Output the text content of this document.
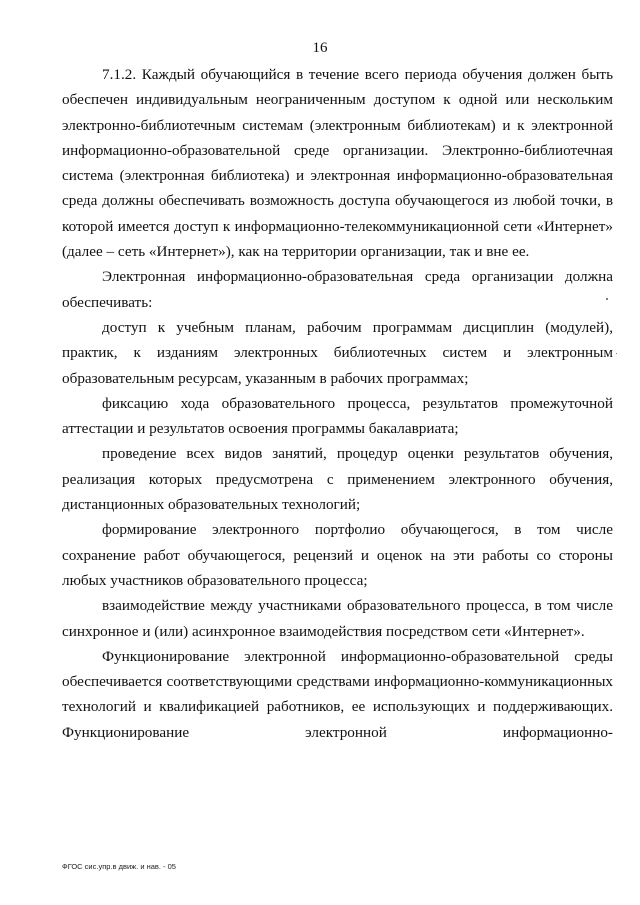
16

7.1.2. Каждый обучающийся в течение всего периода обучения должен быть обеспечен индивидуальным неограниченным доступом к одной или нескольким электронно-библиотечным системам (электронным библиотекам) и к электронной информационно-образовательной среде организации. Электронно-библиотечная система (электронная библиотека) и электронная информационно-образовательная среда должны обеспечивать возможность доступа обучающегося из любой точки, в которой имеется доступ к информационно-телекоммуникационной сети «Интернет» (далее – сеть «Интернет»), как на территории организации, так и вне ее.

Электронная информационно-образовательная среда организации должна обеспечивать:

доступ к учебным планам, рабочим программам дисциплин (модулей), практик, к изданиям электронных библиотечных систем и электронным образовательным ресурсам, указанным в рабочих программах;

фиксацию хода образовательного процесса, результатов промежуточной аттестации и результатов освоения программы бакалавриата;

проведение всех видов занятий, процедур оценки результатов обучения, реализация которых предусмотрена с применением электронного обучения, дистанционных образовательных технологий;

формирование электронного портфолио обучающегося, в том числе сохранение работ обучающегося, рецензий и оценок на эти работы со стороны любых участников образовательного процесса;

взаимодействие между участниками образовательного процесса, в том числе синхронное и (или) асинхронное взаимодействия посредством сети «Интернет».

Функционирование электронной информационно-образовательной среды обеспечивается соответствующими средствами информационно-коммуникационных технологий и квалификацией работников, ее использующих и поддерживающих. Функционирование электронной информационно-

ФГОС сис.упр.в движ. и нав. - 05
